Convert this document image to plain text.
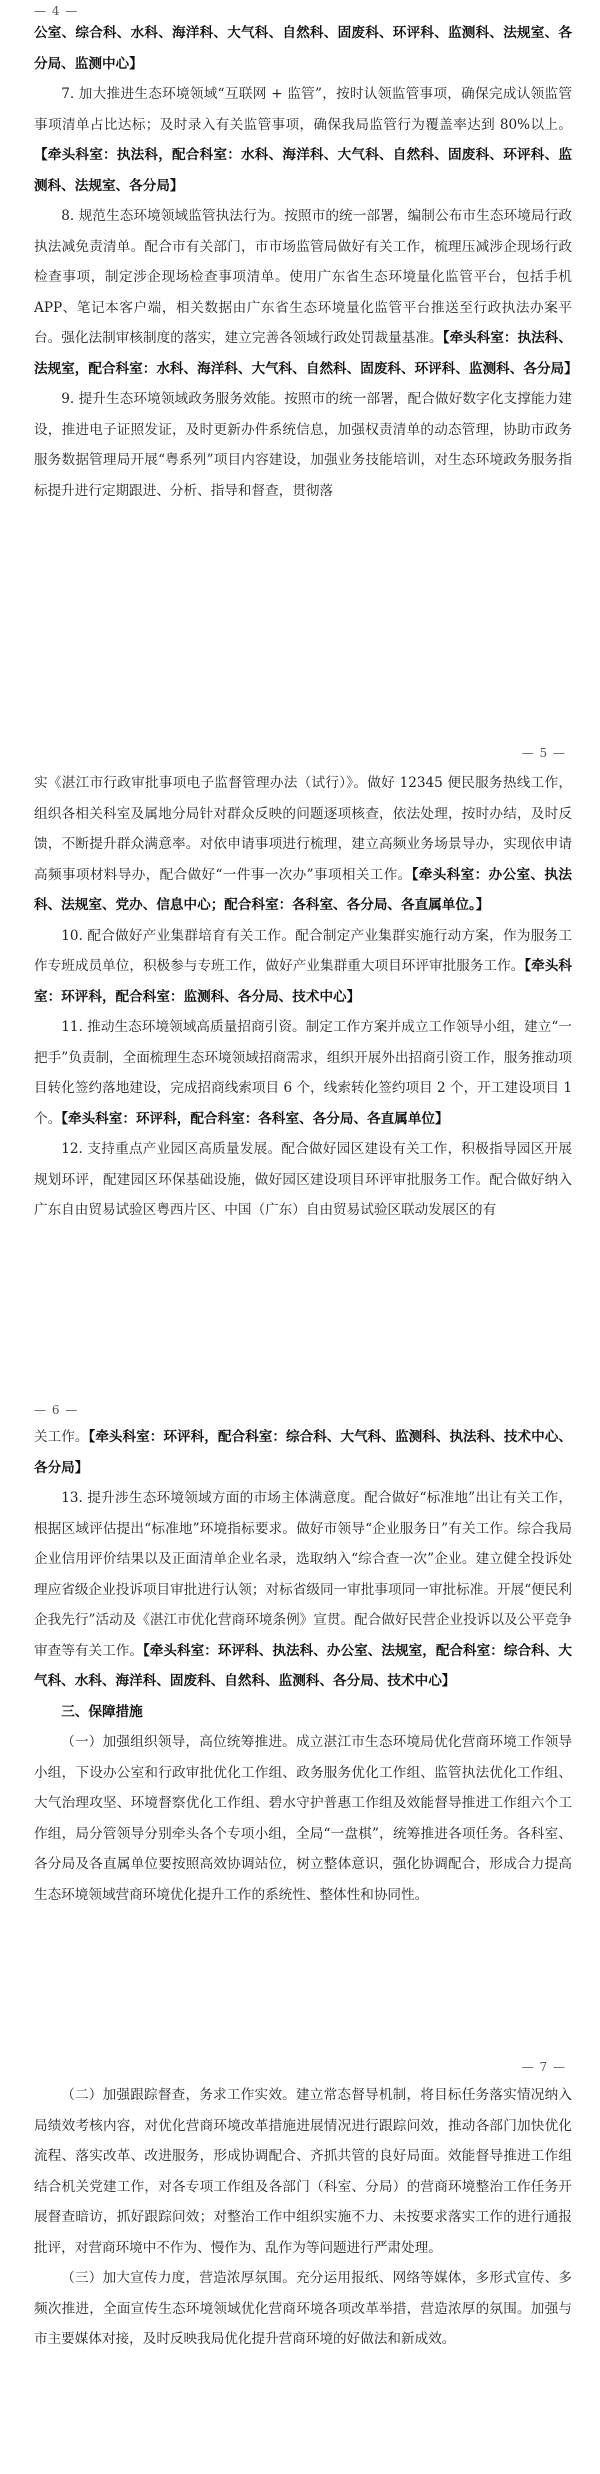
— 4 —

公室、综合科、水科、海洋科、大气科、自然科、固废科、环评科、监测科、法规室、各分局、监测中心】

7. 加大推进生态环境领域“互联网 + 监管”，按时认领监管事项，确保完成认领监管事项清单占比达标；及时录入有关监管事项，确保我局监管行为覆盖率达到 80%以上。【牵头科室：执法科，配合科室：水科、海洋科、大气科、自然科、固废科、环评科、监测科、法规室、各分局】

8. 规范生态环境领域监管执法行为。按照市的统一部署，编制公布市生态环境局行政执法减免责清单。配合市有关部门，市市场监管局做好有关工作，梳理压减涉企现场行政检查事项，制定涉企现场检查事项清单。使用广东省生态环境量化监管平台，包括手机 APP、笔记本客户端，相关数据由广东省生态环境量化监管平台推送至行政执法办案平台。强化法制审核制度的落实，建立完善各领域行政处罚裁量基准。【牵头科室：执法科、法规室，配合科室：水科、海洋科、大气科、自然科、固废科、环评科、监测科、各分局】

9. 提升生态环境领域政务服务效能。按照市的统一部署，配合做好数字化支撑能力建设，推进电子证照发证，及时更新办件系统信息，加强权责清单的动态管理，协助市政务服务数据管理局开展“粤系列”项目内容建设，加强业务技能培训，对生态环境政务服务指标提升进行定期跟进、分析、指导和督查，贯彻落

— 5 —

实《湛江市行政审批事项电子监督管理办法（试行）》。做好 12345 便民服务热线工作，组织各相关科室及属地分局针对群众反映的问题逐项核查，依法处理，按时办结，及时反馈，不断提升群众满意率。对依申请事项进行梳理，建立高频业务场景导办，实现依申请高频事项材料导办，配合做好“一件事一次办”事项相关工作。【牵头科室：办公室、执法科、法规室、党办、信息中心；配合科室：各科室、各分局、各直属单位。】

10. 配合做好产业集群培育有关工作。配合制定产业集群实施行动方案，作为服务工作专班成员单位，积极参与专班工作，做好产业集群重大项目环评审批服务工作。【牵头科室：环评科，配合科室：监测科、各分局、技术中心】

11. 推动生态环境领域高质量招商引资。制定工作方案并成立工作领导小组，建立“一把手”负责制，全面梳理生态环境领域招商需求，组织开展外出招商引资工作，服务推动项目转化签约落地建设，完成招商线索项目 6 个，线索转化签约项目 2 个，开工建设项目 1 个。【牵头科室：环评科，配合科室：各科室、各分局、各直属单位】

12. 支持重点产业园区高质量发展。配合做好园区建设有关工作，积极指导园区开展规划环评，配建园区环保基础设施，做好园区建设项目环评审批服务工作。配合做好纳入广东自由贸易试验区粤西片区、中国（广东）自由贸易试验区联动发展区的有

— 6 —

关工作。【牵头科室：环评科，配合科室：综合科、大气科、监测科、执法科、技术中心、各分局】

13. 提升涉生态环境领域方面的市场主体满意度。配合做好“标准地”出让有关工作，根据区域评估提出“标准地”环境指标要求。做好市领导“企业服务日”有关工作。综合我局企业信用评价结果以及正面清单企业名录，选取纳入“综合查一次”企业。建立健全投诉处理应省级企业投诉项目审批进行认领；对标省级同一审批事项同一审批标准。开展“便民利企我先行”活动及《湛江市优化营商环境条例》宣贯。配合做好民营企业投诉以及公平竞争审查等有关工作。【牵头科室：环评科、执法科、办公室、法规室，配合科室：综合科、大气科、水科、海洋科、固废科、自然科、监测科、各分局、技术中心】

三、保障措施

（一）加强组织领导，高位统筹推进。成立湛江市生态环境局优化营商环境工作领导小组，下设办公室和行政审批优化工作组、政务服务优化工作组、监管执法优化工作组、大气治理攻坚、环境督察优化工作组、碧水守护普惠工作组及效能督导推进工作组六个工作组，局分管领导分别牵头各个专项小组，全局“一盘棋”，统筹推进各项任务。各科室、各分局及各直属单位要按照高效协调站位，树立整体意识，强化协调配合，形成合力提高生态环境领域营商环境优化提升工作的系统性、整体性和协同性。

— 7 —

（二）加强跟踪督查，务求工作实效。建立常态督导机制，将目标任务落实情况纳入局绩效考核内容，对优化营商环境改革措施进展情况进行跟踪问效，推动各部门加快优化流程、落实改革、改进服务，形成协调配合、齐抓共管的良好局面。效能督导推进工作组结合机关党建工作，对各专项工作组及各部门（科室、分局）的营商环境整治工作任务开展督查暗访，抓好跟踪问效；对整治工作中组织实施不力、未按要求落实工作的进行通报批评，对营商环境中不作为、慢作为、乱作为等问题进行严肃处理。

（三）加大宣传力度，营造浓厚氛围。充分运用报纸、网络等媒体，多形式宣传、多频次推进，全面宣传生态环境领域优化营商环境各项改革举措，营造浓厚的氛围。加强与市主要媒体对接，及时反映我局优化提升营商环境的好做法和新成效。
